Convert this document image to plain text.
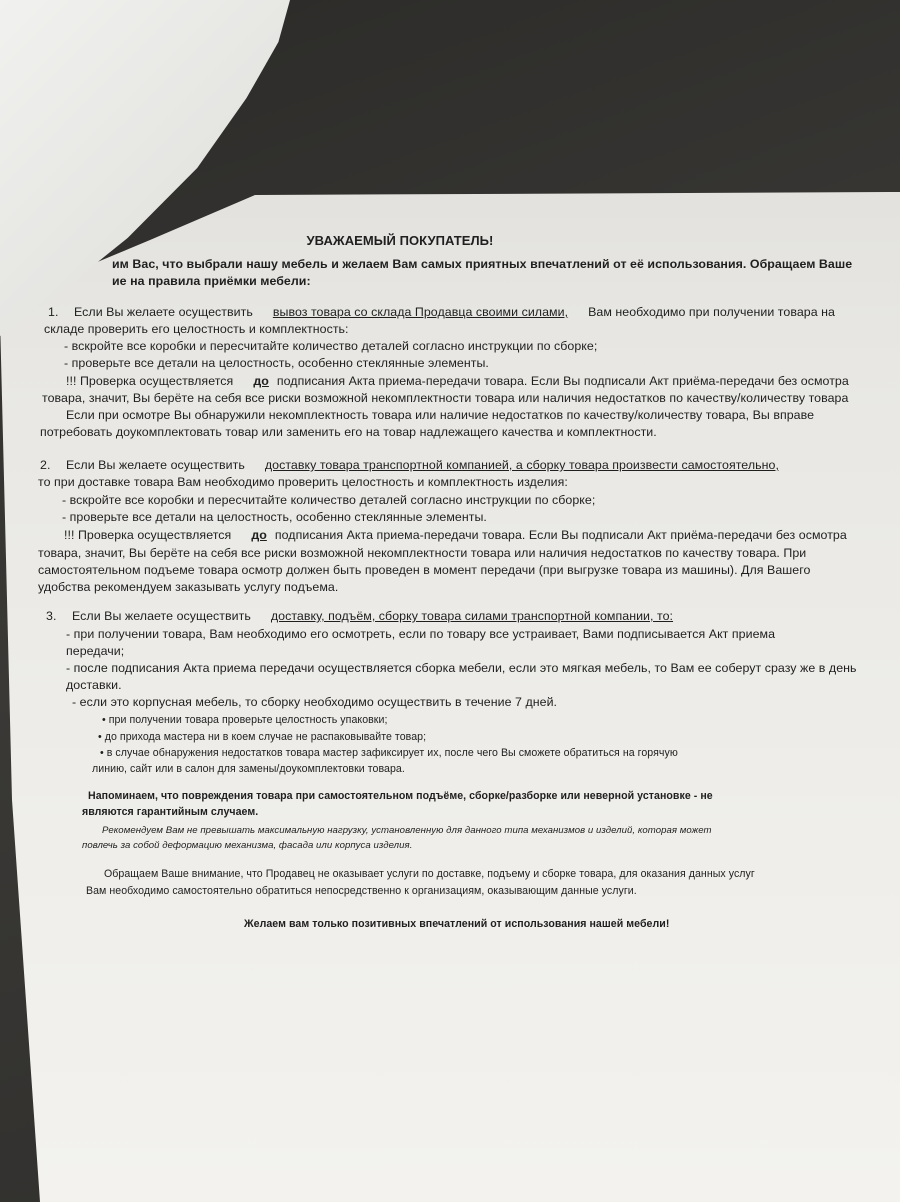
УВАЖАЕМЫЙ ПОКУПАТЕЛЬ!
им Вас, что выбрали нашу мебель и желаем Вам самых приятных впечатлений от её использования. Обращаем Ваше
ие на правила приёмки мебели:
1. Если Вы желаете осуществить вывоз товара со склада Продавца своими силами, Вам необходимо при получении товара на
складе проверить его целостность и комплектность:
- вскройте все коробки и пересчитайте количество деталей согласно инструкции по сборке;
- проверьте все детали на целостность, особенно стеклянные элементы.
!!! Проверка осуществляется до подписания Акта приема-передачи товара. Если Вы подписали Акт приёма-передачи без осмотра
товара, значит, Вы берёте на себя все риски возможной некомплектности товара или наличия недостатков по качеству/количеству товара
Если при осмотре Вы обнаружили некомплектность товара или наличие недостатков по качеству/количеству товара, Вы вправе
потребовать доукомплектовать товар или заменить его на товар надлежащего качества и комплектности.
2. Если Вы желаете осуществить доставку товара транспортной компанией, а сборку товара произвести самостоятельно,
то при доставке товара Вам необходимо проверить целостность и комплектность изделия:
- вскройте все коробки и пересчитайте количество деталей согласно инструкции по сборке;
- проверьте все детали на целостность, особенно стеклянные элементы.
!!! Проверка осуществляется до подписания Акта приема-передачи товара. Если Вы подписали Акт приёма-передачи без осмотра
товара, значит, Вы берёте на себя все риски возможной некомплектности товара или наличия недостатков по качеству товара. При
самостоятельном подъеме товара осмотр должен быть проведен в момент передачи (при выгрузке товара из машины). Для Вашего
удобства рекомендуем заказывать услугу подъема.
3. Если Вы желаете осуществить доставку, подъём, сборку товара силами транспортной компании, то:
- при получении товара, Вам необходимо его осмотреть, если по товару все устраивает, Вами подписывается Акт приема
передачи;
- после подписания Акта приема передачи осуществляется сборка мебели, если это мягкая мебель, то Вам ее соберут сразу же в день
доставки.
- если это корпусная мебель, то сборку необходимо осуществить в течение 7 дней.
• при получении товара проверьте целостность упаковки;
• до прихода мастера ни в коем случае не распаковывайте товар;
• в случае обнаружения недостатков товара мастер зафиксирует их, после чего Вы сможете обратиться на горячую
линию, сайт или в салон для замены/доукомплектовки товара.
Напоминаем, что повреждения товара при самостоятельном подъёме, сборке/разборке или неверной установке - не
являются гарантийным случаем.
Рекомендуем Вам не превышать максимальную нагрузку, установленную для данного типа механизмов и изделий, которая может
повлечь за собой деформацию механизма, фасада или корпуса изделия.
Обращаем Ваше внимание, что Продавец не оказывает услуги по доставке, подъему и сборке товара, для оказания данных услуг
Вам необходимо самостоятельно обратиться непосредственно к организациям, оказывающим данные услуги.
Желаем вам только позитивных впечатлений от использования нашей мебели!
